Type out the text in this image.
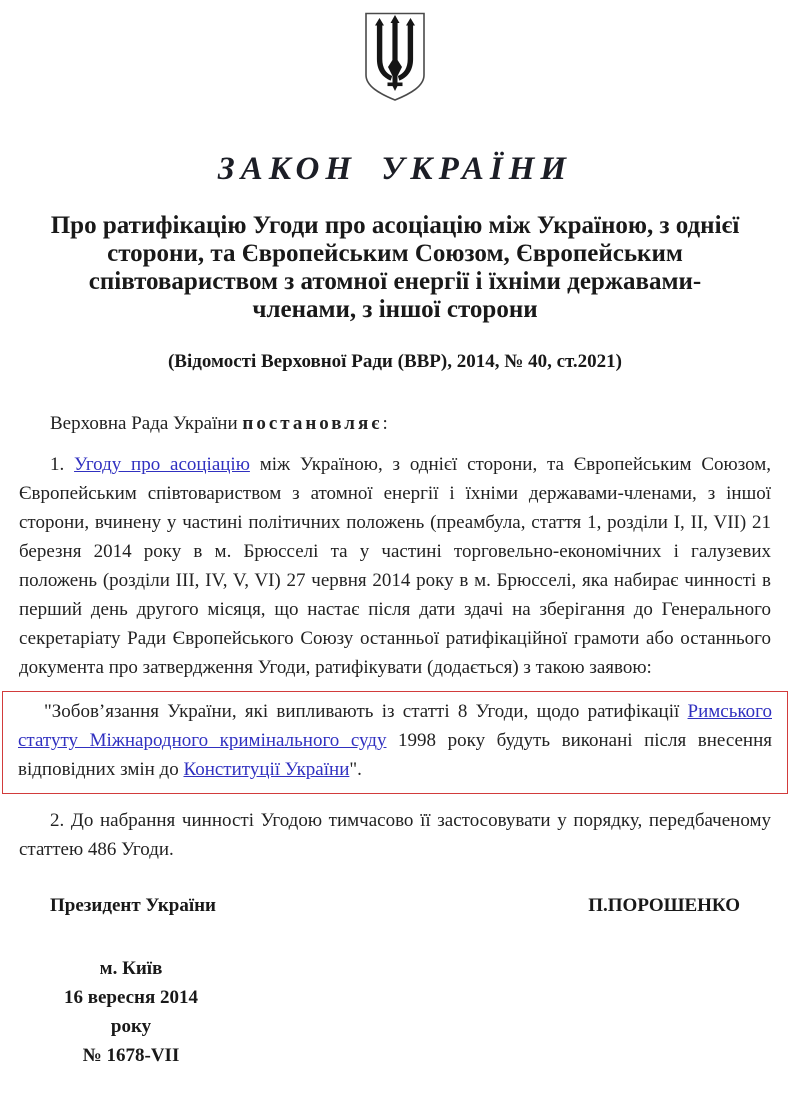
ЗАКОН УКРАЇНИ
Про ратифікацію Угоди про асоціацію між Україною, з однієї
сторони, та Європейським Союзом, Європейським
співтовариством з атомної енергії і їхніми державами-
членами, з іншої сторони
(Відомості Верховної Ради (ВВР), 2014, № 40, ст.2021)

Верховна Рада України постановляє:

1. Угоду про асоціацію між Україною, з однієї сторони, та Європейським Союзом, Європейським співтовариством з атомної енергії і їхніми державами-членами, з іншої сторони, вчинену у частині політичних положень (преамбула, стаття 1, розділи I, II, VII) 21 березня 2014 року в м. Брюсселі та у частині торговельно-економічних і галузевих положень (розділи III, IV, V, VI) 27 червня 2014 року в м. Брюсселі, яка набирає чинності в перший день другого місяця, що настає після дати здачі на зберігання до Генерального секретаріату Ради Європейського Союзу останньої ратифікаційної грамоти або останнього документа про затвердження Угоди, ратифікувати (додається) з такою заявою:

"Зобов’язання України, які випливають із статті 8 Угоди, щодо ратифікації Римського статуту Міжнародного кримінального суду 1998 року будуть виконані після внесення відповідних змін до Конституції України".

2. До набрання чинності Угодою тимчасово її застосовувати у порядку, передбаченому статтею 486 Угоди.

Президент України	П.ПОРОШЕНКО
м. Київ
16 вересня 2014 року
№ 1678-VII
